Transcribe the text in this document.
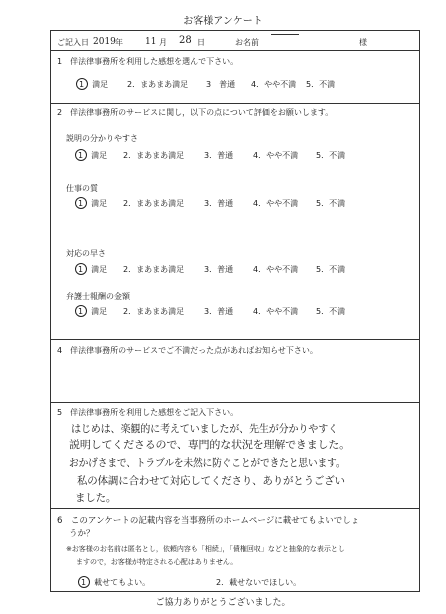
お客様アンケート
ご記入日 2019 年 11 月 28 日	お名前	様
1　伴法律事務所を利用した感想を選んで下さい。
1　満足 2．まあまあ満足 3　普通 4．やや不満 5．不満
2　伴法律事務所のサービスに関し，以下の点について評価をお願いします。
説明の分かりやすさ
1　満足 2．まあまあ満足 3．普通 4．やや不満 5．不満
仕事の質
1　満足 2．まあまあ満足 3．普通 4．やや不満 5．不満
対応の早さ
1　満足 2．まあまあ満足 3．普通 4．やや不満 5．不満
弁護士報酬の金額
1　満足 2．まあまあ満足 3．普通 4．やや不満 5．不満
4　伴法律事務所のサービスでご不満だった点があればお知らせ下さい。
5　伴法律事務所を利用した感想をご記入下さい。
はじめは、楽観的に考えていましたが、先生が分かりやすく
説明してくださるので、専門的な状況を理解できました。
おかげさまで、トラブルを未然に防ぐことができたと思います。
私の体調に合わせて対応してくださり、ありがとうござい
ました。
6　このアンケートの記載内容を当事務所のホームページに載せてもよいでしょ
うか？
※お客様のお名前は匿名とし，依頼内容も「相続」，「債権回収」などと抽象的な表示とし
ますので，お客様が特定される心配はありません。
1　載せてもよい。	2．載せないでほしい。
ご協力ありがとうございました。
